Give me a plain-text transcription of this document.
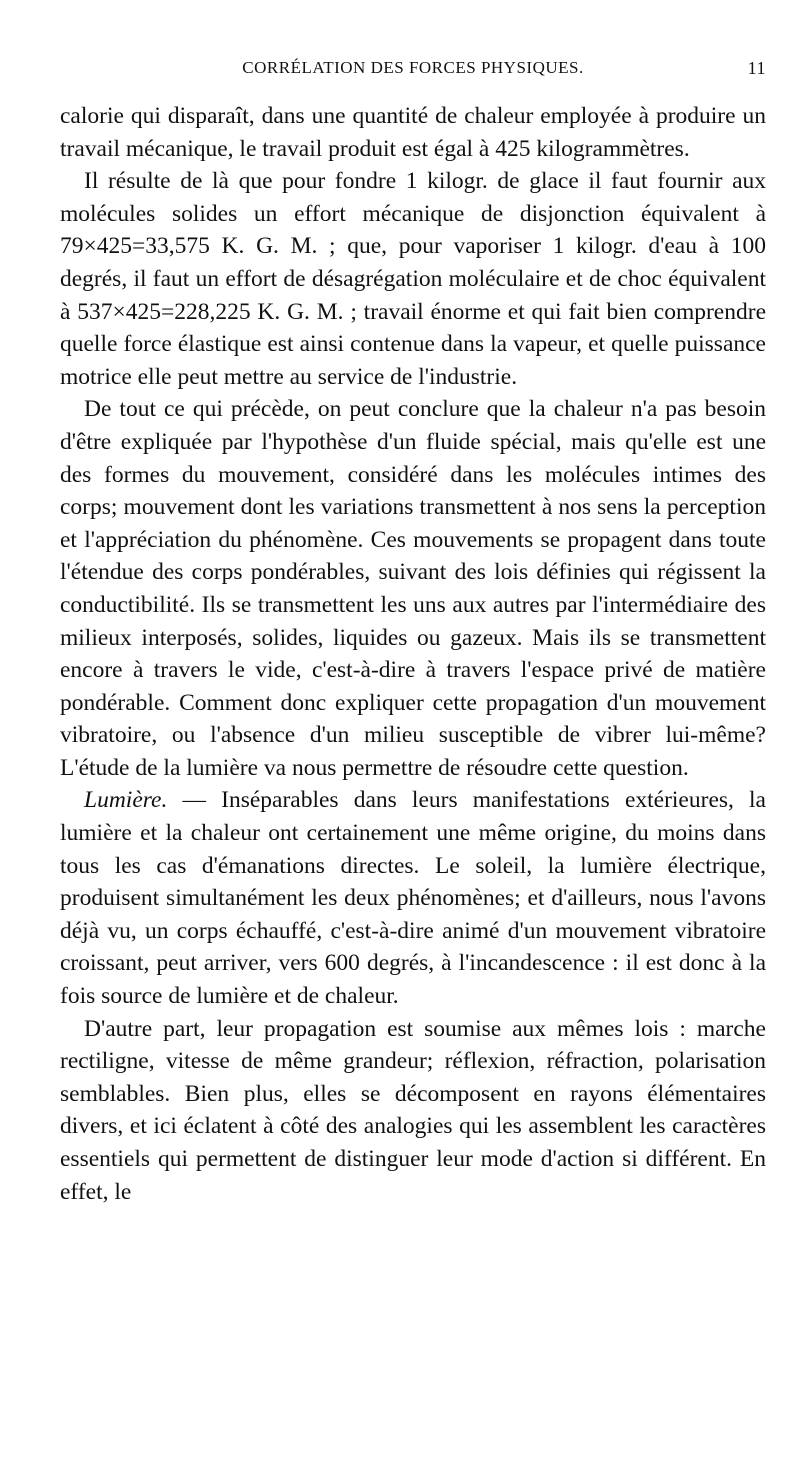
CORRÉLATION DES FORCES PHYSIQUES.	11

calorie qui disparaît, dans une quantité de chaleur employée à produire un travail mécanique, le travail produit est égal à 425 kilogrammètres.

Il résulte de là que pour fondre 1 kilogr. de glace il faut fournir aux molécules solides un effort mécanique de disjonction équivalent à 79×425=33,575 K. G. M. ; que, pour vaporiser 1 kilogr. d'eau à 100 degrés, il faut un effort de désagrégation moléculaire et de choc équivalent à 537×425=228,225 K. G. M. ; travail énorme et qui fait bien comprendre quelle force élastique est ainsi contenue dans la vapeur, et quelle puissance motrice elle peut mettre au service de l'industrie.

De tout ce qui précède, on peut conclure que la chaleur n'a pas besoin d'être expliquée par l'hypothèse d'un fluide spécial, mais qu'elle est une des formes du mouvement, considéré dans les molécules intimes des corps; mouvement dont les variations transmettent à nos sens la perception et l'appréciation du phénomène. Ces mouvements se propagent dans toute l'étendue des corps pondérables, suivant des lois définies qui régissent la conductibilité. Ils se transmettent les uns aux autres par l'intermédiaire des milieux interposés, solides, liquides ou gazeux. Mais ils se transmettent encore à travers le vide, c'est-à-dire à travers l'espace privé de matière pondérable. Comment donc expliquer cette propagation d'un mouvement vibratoire, ou l'absence d'un milieu susceptible de vibrer lui-même? L'étude de la lumière va nous permettre de résoudre cette question.

Lumière. — Inséparables dans leurs manifestations extérieures, la lumière et la chaleur ont certainement une même origine, du moins dans tous les cas d'émanations directes. Le soleil, la lumière électrique, produisent simultanément les deux phénomènes; et d'ailleurs, nous l'avons déjà vu, un corps échauffé, c'est-à-dire animé d'un mouvement vibratoire croissant, peut arriver, vers 600 degrés, à l'incandescence : il est donc à la fois source de lumière et de chaleur.

D'autre part, leur propagation est soumise aux mêmes lois : marche rectiligne, vitesse de même grandeur; réflexion, réfraction, polarisation semblables. Bien plus, elles se décomposent en rayons élémentaires divers, et ici éclatent à côté des analogies qui les assemblent les caractères essentiels qui permettent de distinguer leur mode d'action si différent. En effet, le
